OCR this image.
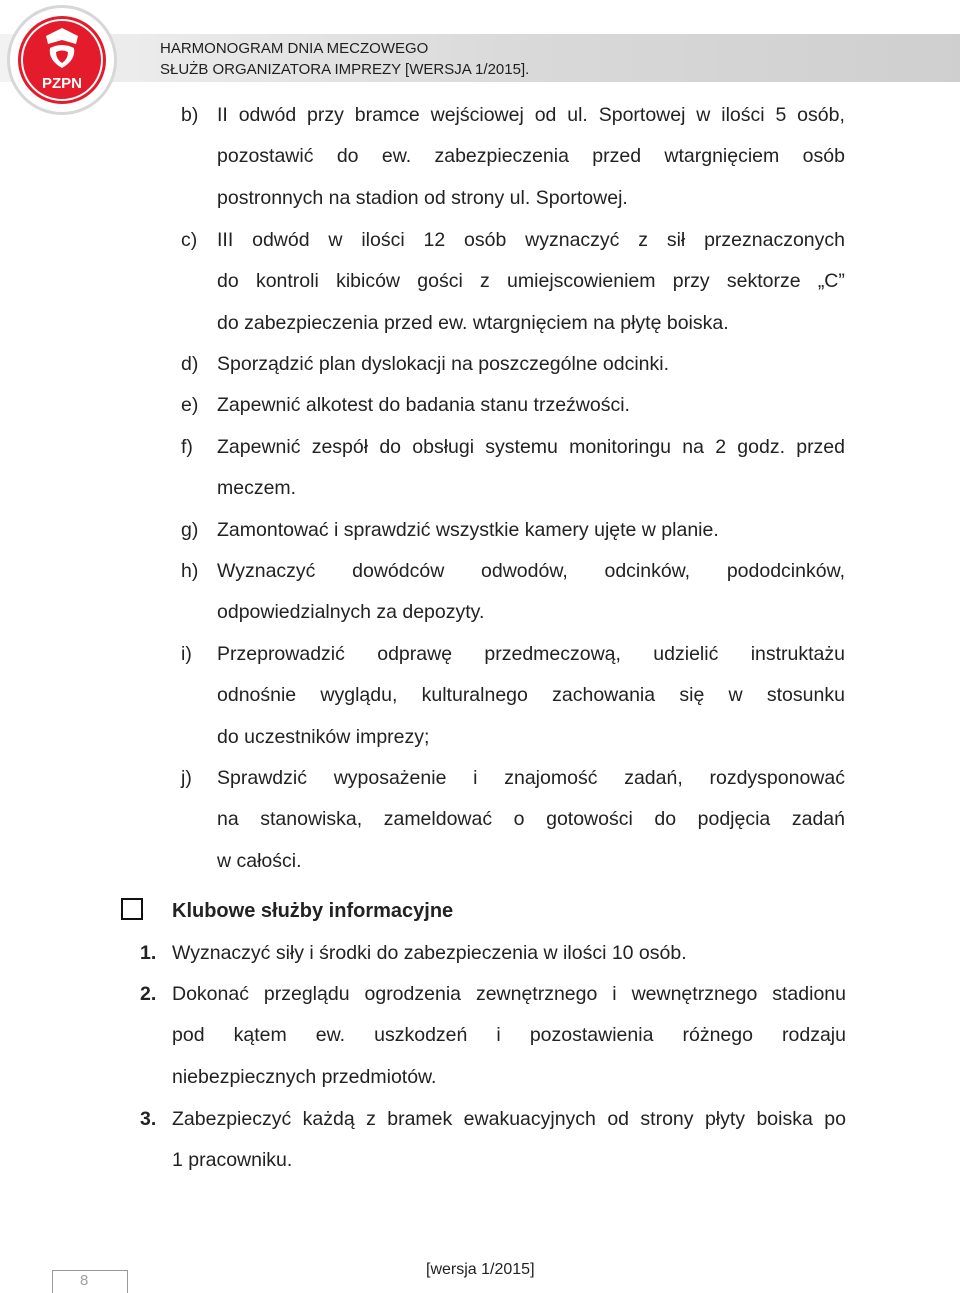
PZPN
HARMONOGRAM DNIA MECZOWEGO
SŁUŻB ORGANIZATORA IMPREZY [WERSJA 1/2015].
b) II odwód przy bramce wejściowej od ul. Sportowej w ilości 5 osób,
pozostawić do ew. zabezpieczenia przed wtargnięciem osób
postronnych na stadion od strony ul. Sportowej.
c) III odwód w ilości 12 osób wyznaczyć z sił przeznaczonych
do kontroli kibiców gości z umiejscowieniem przy sektorze „C”
do zabezpieczenia przed ew. wtargnięciem na płytę boiska.
d) Sporządzić plan dyslokacji na poszczególne odcinki.
e) Zapewnić alkotest do badania stanu trzeźwości.
f) Zapewnić zespół do obsługi systemu monitoringu na 2 godz. przed
meczem.
g) Zamontować i sprawdzić wszystkie kamery ujęte w planie.
h) Wyznaczyć dowódców odwodów, odcinków, pododcinków,
odpowiedzialnych za depozyty.
i) Przeprowadzić odprawę przedmeczową, udzielić instruktażu
odnośnie wyglądu, kulturalnego zachowania się w stosunku
do uczestników imprezy;
j) Sprawdzić wyposażenie i znajomość zadań, rozdysponować
na stanowiska, zameldować o gotowości do podjęcia zadań
w całości.
Klubowe służby informacyjne
1. Wyznaczyć siły i środki do zabezpieczenia w ilości 10 osób.
2. Dokonać przeglądu ogrodzenia zewnętrznego i wewnętrznego stadionu
pod kątem ew. uszkodzeń i pozostawienia różnego rodzaju
niebezpiecznych przedmiotów.
3. Zabezpieczyć każdą z bramek ewakuacyjnych od strony płyty boiska po
1 pracowniku.
8
[wersja 1/2015]
